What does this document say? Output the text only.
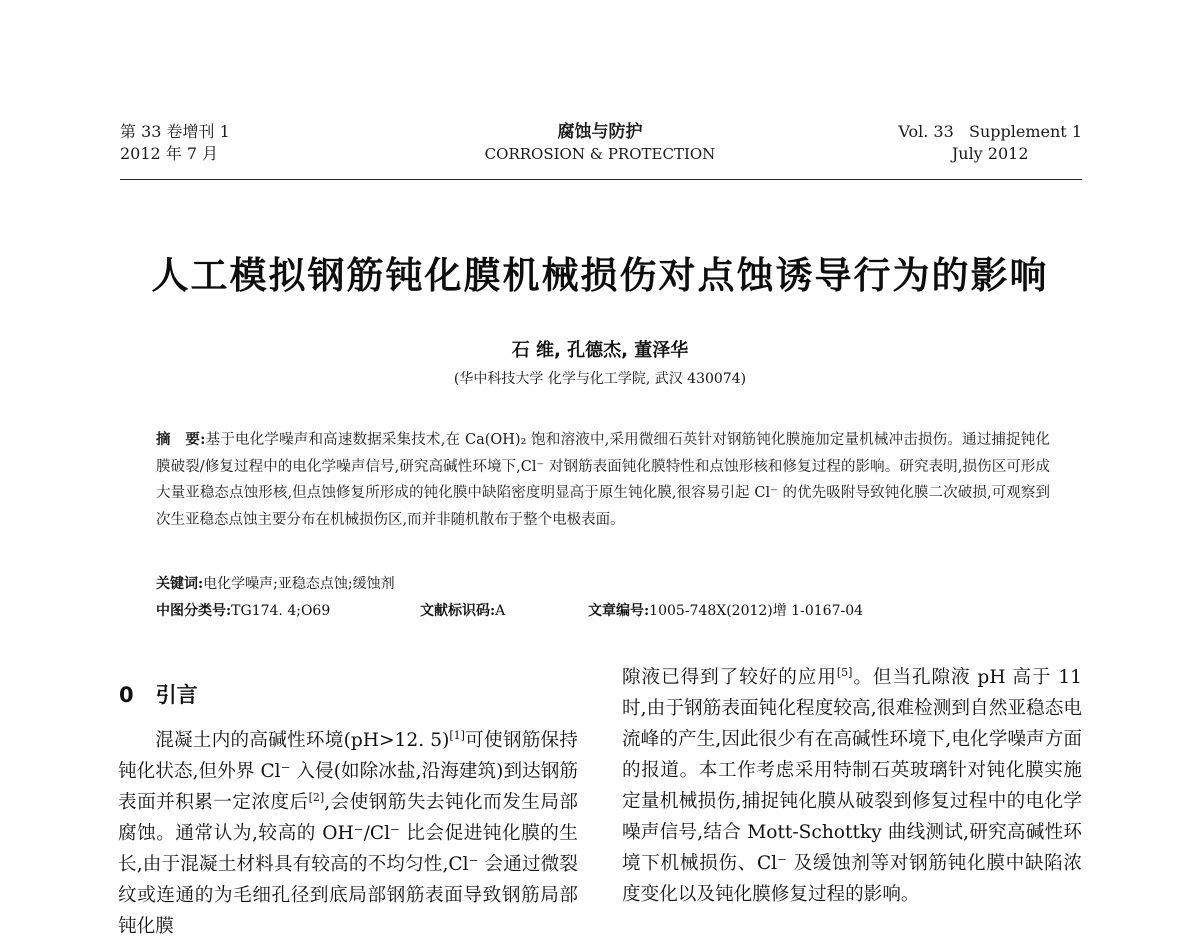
第 33 卷增刊 1
2012 年 7 月
腐蚀与防护
CORROSION & PROTECTION
Vol. 33   Supplement 1
July 2012
人工模拟钢筋钝化膜机械损伤对点蚀诱导行为的影响
石 维, 孔德杰, 董泽华
(华中科技大学 化学与化工学院, 武汉 430074)
摘　要:基于电化学噪声和高速数据采集技术,在 Ca(OH)₂ 饱和溶液中,采用微细石英针对钢筋钝化膜施加定量机械冲击损伤。通过捕捉钝化膜破裂/修复过程中的电化学噪声信号,研究高碱性环境下,Cl⁻ 对钢筋表面钝化膜特性和点蚀形核和修复过程的影响。研究表明,损伤区可形成大量亚稳态点蚀形核,但点蚀修复所形成的钝化膜中缺陷密度明显高于原生钝化膜,很容易引起 Cl⁻ 的优先吸附导致钝化膜二次破损,可观察到次生亚稳态点蚀主要分布在机械损伤区,而并非随机散布于整个电极表面。
关键词:电化学噪声;亚稳态点蚀;缓蚀剂
中图分类号:TG174. 4;O69	文献标识码:A	文章编号:1005-748X(2012)增 1-0167-04
0 引言

混凝土内的高碱性环境(pH>12. 5)[1]可使钢筋保持钝化状态,但外界 Cl⁻ 入侵(如除冰盐,沿海建筑)到达钢筋表面并积累一定浓度后[2],会使钢筋失去钝化而发生局部腐蚀。通常认为,较高的 OH⁻/Cl⁻ 比会促进钝化膜的生长,由于混凝土材料具有较高的不均匀性,Cl⁻ 会通过微裂纹或连通的为毛细孔径到底局部钢筋表面导致钢筋局部钝化膜

隙液已得到了较好的应用[5]。但当孔隙液 pH 高于 11 时,由于钢筋表面钝化程度较高,很难检测到自然亚稳态电流峰的产生,因此很少有在高碱性环境下,电化学噪声方面的报道。本工作考虑采用特制石英玻璃针对钝化膜实施定量机械损伤,捕捉钝化膜从破裂到修复过程中的电化学噪声信号,结合 Mott-Schottky 曲线测试,研究高碱性环境下机械损伤、Cl⁻ 及缓蚀剂等对钢筋钝化膜中缺陷浓度变化以及钝化膜修复过程的影响。
